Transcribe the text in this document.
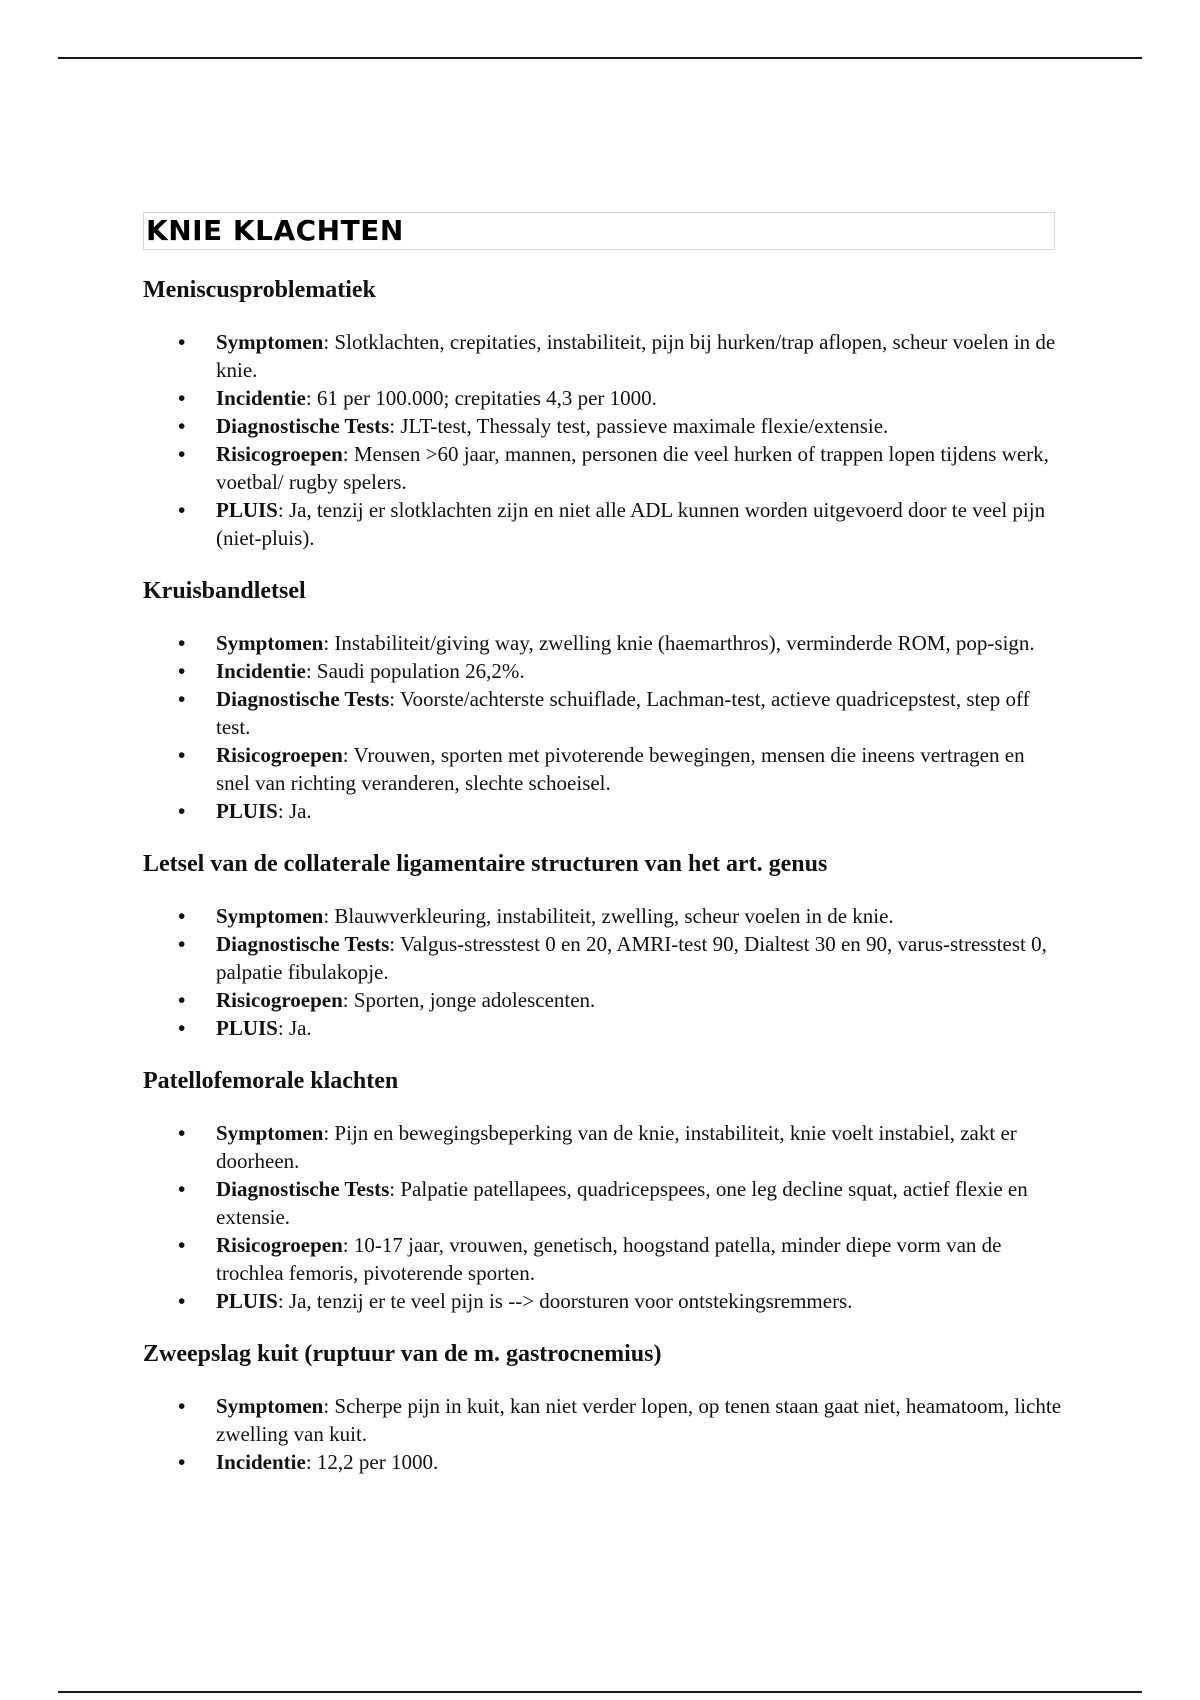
KNIE KLACHTEN
Meniscusproblematiek
• Symptomen: Slotklachten, crepitaties, instabiliteit, pijn bij hurken/trap aflopen, scheur voelen in de knie.
• Incidentie: 61 per 100.000; crepitaties 4,3 per 1000.
• Diagnostische Tests: JLT-test, Thessaly test, passieve maximale flexie/extensie.
• Risicogroepen: Mensen >60 jaar, mannen, personen die veel hurken of trappen lopen tijdens werk, voetbal/ rugby spelers.
• PLUIS: Ja, tenzij er slotklachten zijn en niet alle ADL kunnen worden uitgevoerd door te veel pijn (niet-pluis).
Kruisbandletsel
• Symptomen: Instabiliteit/giving way, zwelling knie (haemarthros), verminderde ROM, pop-sign.
• Incidentie: Saudi population 26,2%.
• Diagnostische Tests: Voorste/achterste schuiflade, Lachman-test, actieve quadricepstest, step off test.
• Risicogroepen: Vrouwen, sporten met pivoterende bewegingen, mensen die ineens vertragen en snel van richting veranderen, slechte schoeisel.
• PLUIS: Ja.
Letsel van de collaterale ligamentaire structuren van het art. genus
• Symptomen: Blauwverkleuring, instabiliteit, zwelling, scheur voelen in de knie.
• Diagnostische Tests: Valgus-stresstest 0 en 20, AMRI-test 90, Dialtest 30 en 90, varus-stresstest 0, palpatie fibulakopje.
• Risicogroepen: Sporten, jonge adolescenten.
• PLUIS: Ja.
Patellofemorale klachten
• Symptomen: Pijn en bewegingsbeperking van de knie, instabiliteit, knie voelt instabiel, zakt er doorheen.
• Diagnostische Tests: Palpatie patellapees, quadricepspees, one leg decline squat, actief flexie en extensie.
• Risicogroepen: 10-17 jaar, vrouwen, genetisch, hoogstand patella, minder diepe vorm van de trochlea femoris, pivoterende sporten.
• PLUIS: Ja, tenzij er te veel pijn is --> doorsturen voor ontstekingsremmers.
Zweepslag kuit (ruptuur van de m. gastrocnemius)
• Symptomen: Scherpe pijn in kuit, kan niet verder lopen, op tenen staan gaat niet, heamatoom, lichte zwelling van kuit.
• Incidentie: 12,2 per 1000.
